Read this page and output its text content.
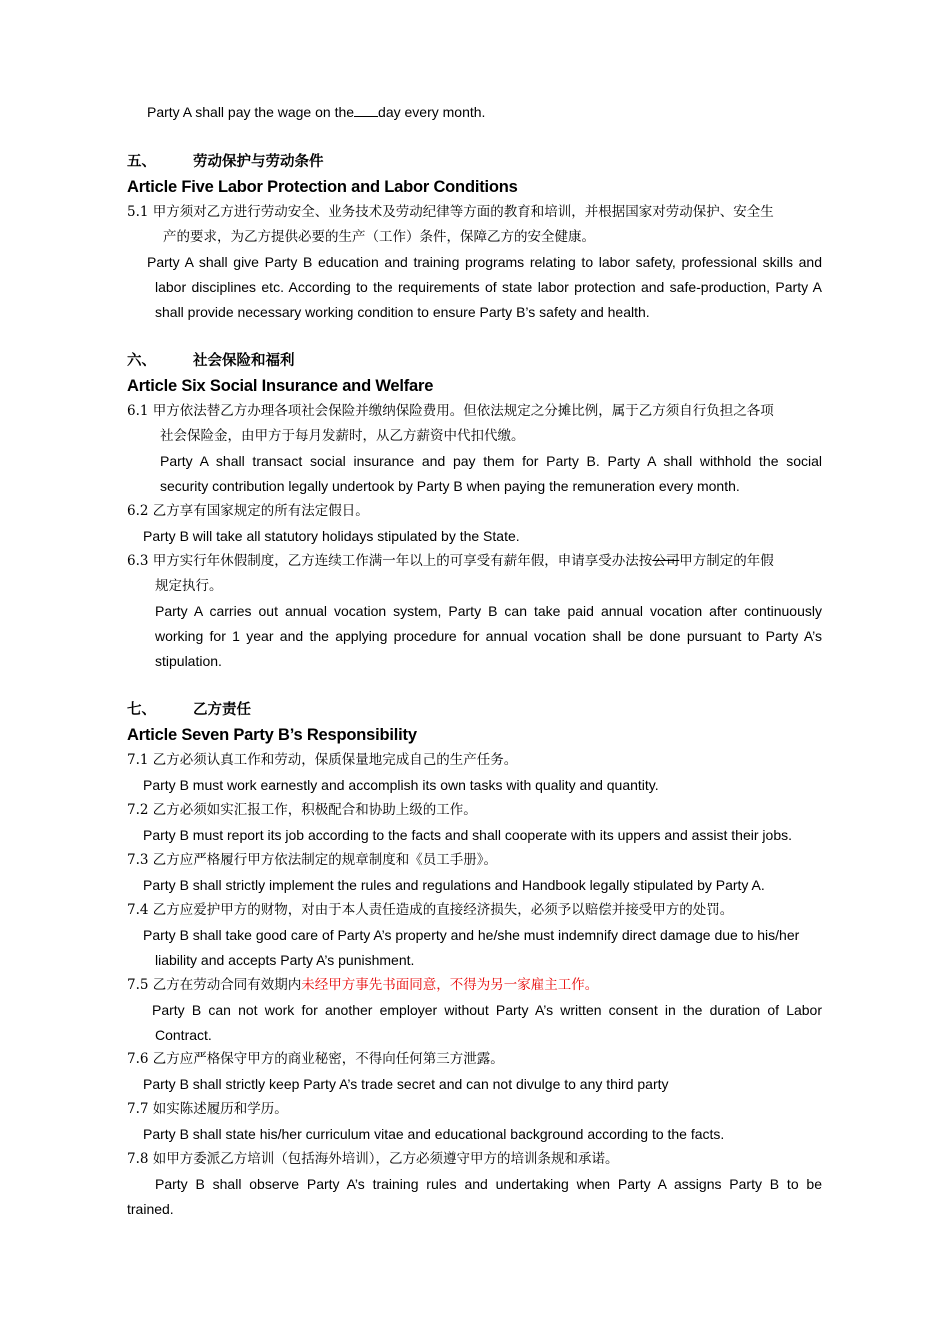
Party A shall pay the wage on the day every month.
五、	劳动保护与劳动条件
Article Five Labor Protection and Labor Conditions
5.1 甲方须对乙方进行劳动安全、业务技术及劳动纪律等方面的教育和培训，并根据国家对劳动保护、安全生
产的要求，为乙方提供必要的生产（工作）条件，保障乙方的安全健康。
Party A shall give Party B education and training programs relating to labor safety, professional skills and
labor disciplines etc. According to the requirements of state labor protection and safe-production, Party A
shall provide necessary working condition to ensure Party B’s safety and health.
六、	社会保险和福利
Article Six Social Insurance and Welfare
6.1 甲方依法替乙方办理各项社会保险并缴纳保险费用。但依法规定之分摊比例，属于乙方须自行负担之各项
社会保险金，由甲方于每月发薪时，从乙方薪资中代扣代缴。
Party A shall transact social insurance and pay them for Party B. Party A shall withhold the social
security contribution legally undertook by Party B when paying the remuneration every month.
6.2 乙方享有国家规定的所有法定假日。
Party B will take all statutory holidays stipulated by the State.
6.3 甲方实行年休假制度，乙方连续工作满一年以上的可享受有薪年假，申请享受办法按公司甲方制定的年假
规定执行。
Party A carries out annual vocation system, Party B can take paid annual vocation after continuously
working for 1 year and the applying procedure for annual vocation shall be done pursuant to Party A’s
stipulation.
七、	乙方责任
Article Seven Party B’s Responsibility
7.1 乙方必须认真工作和劳动，保质保量地完成自己的生产任务。
Party B must work earnestly and accomplish its own tasks with quality and quantity.
7.2 乙方必须如实汇报工作，积极配合和协助上级的工作。
Party B must report its job according to the facts and shall cooperate with its uppers and assist their jobs.
7.3 乙方应严格履行甲方依法制定的规章制度和《员工手册》。
Party B shall strictly implement the rules and regulations and Handbook legally stipulated by Party A.
7.4 乙方应爱护甲方的财物，对由于本人责任造成的直接经济损失，必须予以赔偿并接受甲方的处罚。
Party B shall take good care of Party A’s property and he/she must indemnify direct damage due to his/her
liability and accepts Party A’s punishment.
7.5 乙方在劳动合同有效期内未经甲方事先书面同意，不得为另一家雇主工作。
Party B can not work for another employer without Party A’s written consent in the duration of Labor
Contract.
7.6 乙方应严格保守甲方的商业秘密，不得向任何第三方泄露。
Party B shall strictly keep Party A’s trade secret and can not divulge to any third party
7.7 如实陈述履历和学历。
Party B shall state his/her curriculum vitae and educational background according to the facts.
7.8 如甲方委派乙方培训（包括海外培训），乙方必须遵守甲方的培训条规和承诺。
Party B shall observe Party A’s training rules and undertaking when Party A assigns Party B to be
trained.
